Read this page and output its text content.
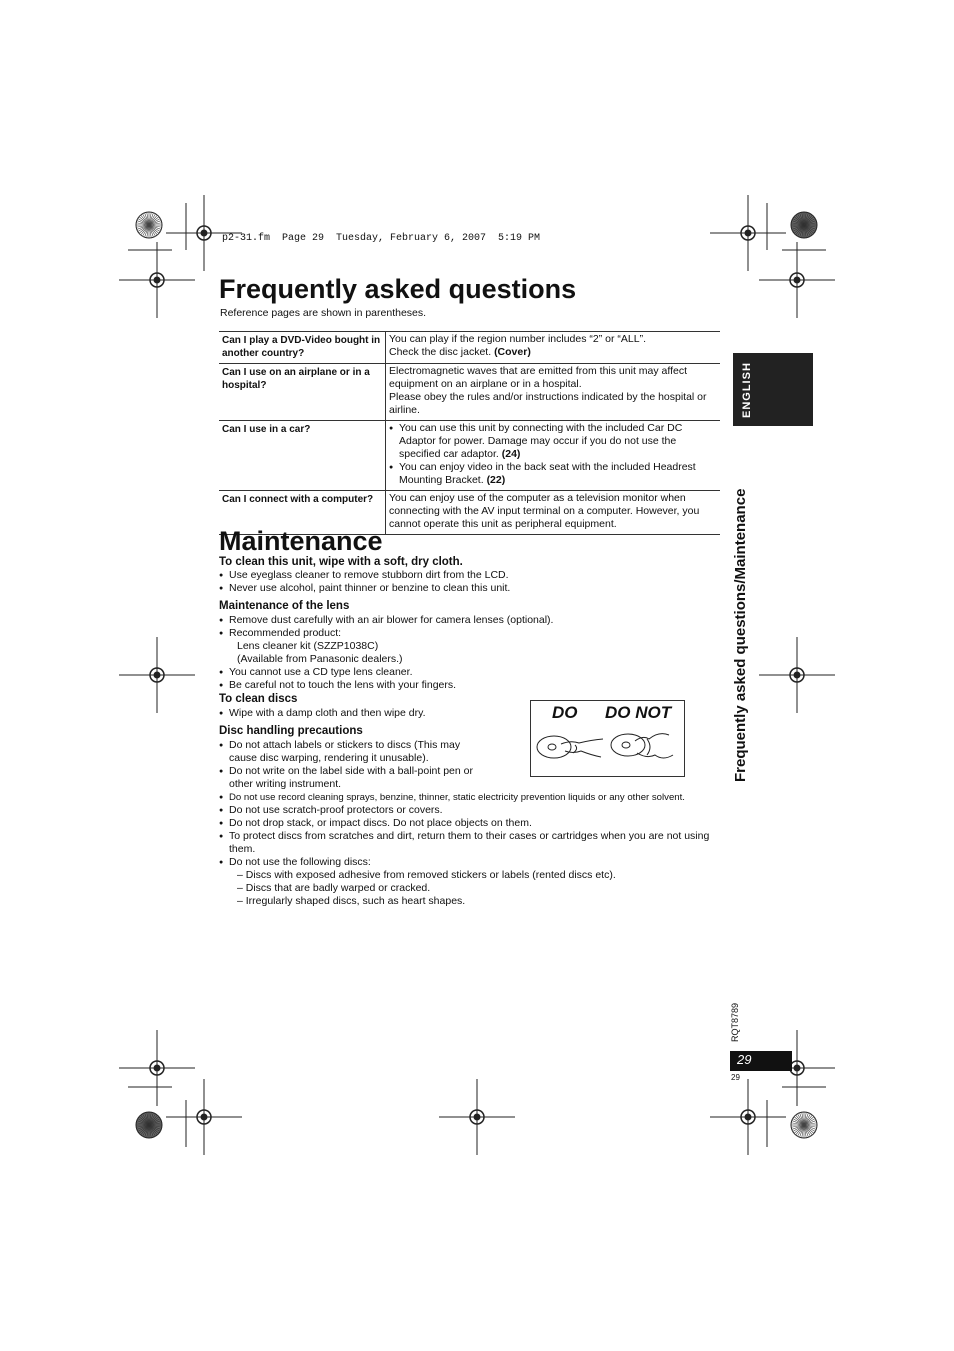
p2-31.fm  Page 29  Tuesday, February 6, 2007  5:19 PM
Frequently asked questions
Reference pages are shown in parentheses.
Can I play a DVD-Video bought in another country?	You can play if the region number includes “2” or “ALL”.
Check the disc jacket. (Cover)

Can I use on an airplane or in a hospital?	Electromagnetic waves that are emitted from this unit may affect equipment on an airplane or in a hospital.
Please obey the rules and/or instructions indicated by the hospital or airline.

Can I use in a car?	● You can use this unit by connecting with the included Car DC Adaptor for power. Damage may occur if you do not use the specified car adaptor. (24)
● You can enjoy video in the back seat with the included Headrest Mounting Bracket. (22)

Can I connect with a computer?	You can enjoy use of the computer as a television monitor when connecting with the AV input terminal on a computer. However, you cannot operate this unit as peripheral equipment.
Maintenance
To clean this unit, wipe with a soft, dry cloth.
● Use eyeglass cleaner to remove stubborn dirt from the LCD.
● Never use alcohol, paint thinner or benzine to clean this unit.
Maintenance of the lens
● Remove dust carefully with an air blower for camera lenses (optional).
● Recommended product:
Lens cleaner kit (SZZP1038C)
(Available from Panasonic dealers.)
● You cannot use a CD type lens cleaner.
● Be careful not to touch the lens with your fingers.
To clean discs
● Wipe with a damp cloth and then wipe dry.
Disc handling precautions
● Do not attach labels or stickers to discs (This may cause disc warping, rendering it unusable).
● Do not write on the label side with a ball-point pen or other writing instrument.
● Do not use record cleaning sprays, benzine, thinner, static electricity prevention liquids or any other solvent.
● Do not use scratch-proof protectors or covers.
● Do not drop stack, or impact discs. Do not place objects on them.
● To protect discs from scratches and dirt, return them to their cases or cartridges when you are not using them.
● Do not use the following discs:
– Discs with exposed adhesive from removed stickers or labels (rented discs etc).
– Discs that are badly warped or cracked.
– Irregularly shaped discs, such as heart shapes.
DO DO NOT
ENGLISH
Frequently asked questions/Maintenance
RQT8789
29
29
